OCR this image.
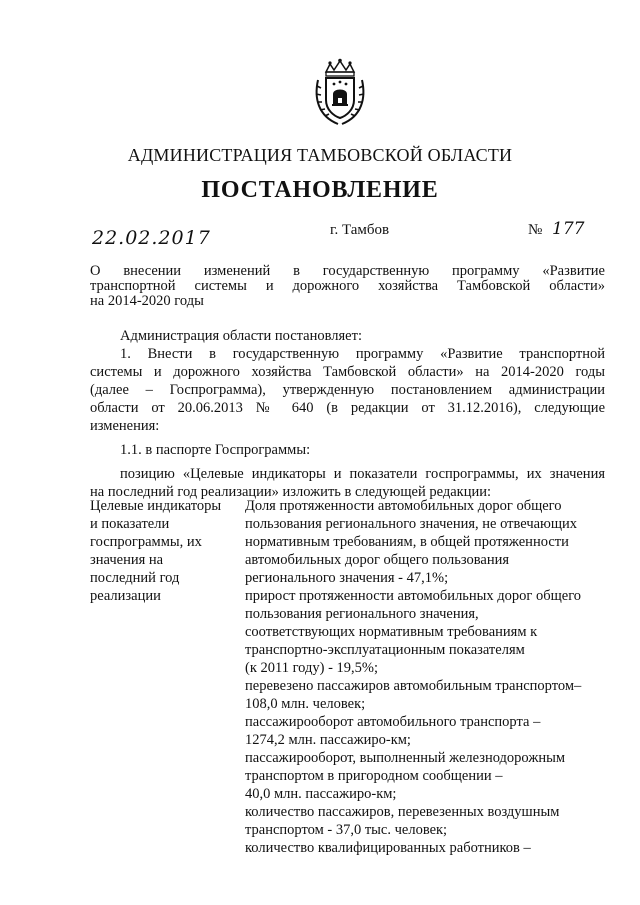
АДМИНИСТРАЦИЯ ТАМБОВСКОЙ ОБЛАСТИ
ПОСТАНОВЛЕНИЕ
22.02.2017	г. Тамбов	№ 177
О внесении изменений в государственную программу «Развитие
транспортной системы и дорожного хозяйства Тамбовской области»
на 2014-2020 годы

Администрация области постановляет:

1. Внести в государственную программу «Развитие транспортной
системы и дорожного хозяйства Тамбовской области» на 2014-2020 годы
(далее – Госпрограмма), утвержденную постановлением администрации
области от 20.06.2013 № 640 (в редакции от 31.12.2016), следующие
изменения:

1.1. в паспорте Госпрограммы:

позицию «Целевые индикаторы и показатели госпрограммы, их значения
на последний год реализации» изложить в следующей редакции:
Целевые индикаторы
и показатели
госпрограммы, их
значения на
последний год
реализации
Доля протяженности автомобильных дорог общего
пользования регионального значения, не отвечающих
нормативным требованиям, в общей протяженности
автомобильных дорог общего пользования
регионального значения - 47,1%;
прирост протяженности автомобильных дорог общего
пользования регионального значения,
соответствующих нормативным требованиям к
транспортно-эксплуатационным показателям
(к 2011 году) - 19,5%;
перевезено пассажиров автомобильным транспортом–
108,0 млн. человек;
пассажирооборот автомобильного транспорта –
1274,2 млн. пассажиро-км;
пассажирооборот, выполненный железнодорожным
транспортом в пригородном сообщении –
40,0 млн. пассажиро-км;
количество пассажиров, перевезенных воздушным
транспортом - 37,0 тыс. человек;
количество квалифицированных работников –
